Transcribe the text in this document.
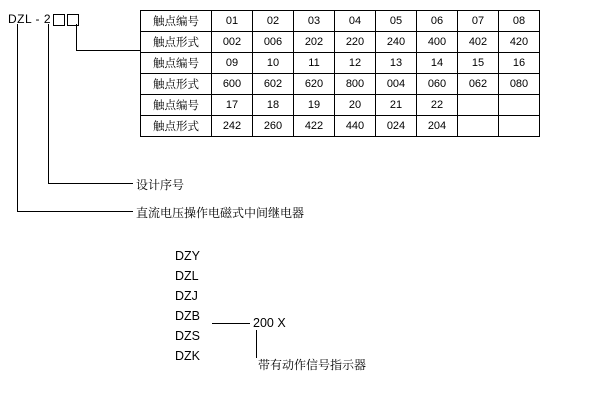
DZL - 2	触点编号	01	02	03	04	05	06	07	08
触点形式	002	006	202	220	240	400	402	420
触点编号	09	10	11	12	13	14	15	16
触点形式	600	602	620	800	004	060	062	080
触点编号	17	18	19	20	21	22		
触点形式	242	260	422	440	024	204		
设计序号
直流电压操作电磁式中间继电器
DZY
DZL
DZJ
DZB
DZS
DZK
200 X
带有动作信号指示器
